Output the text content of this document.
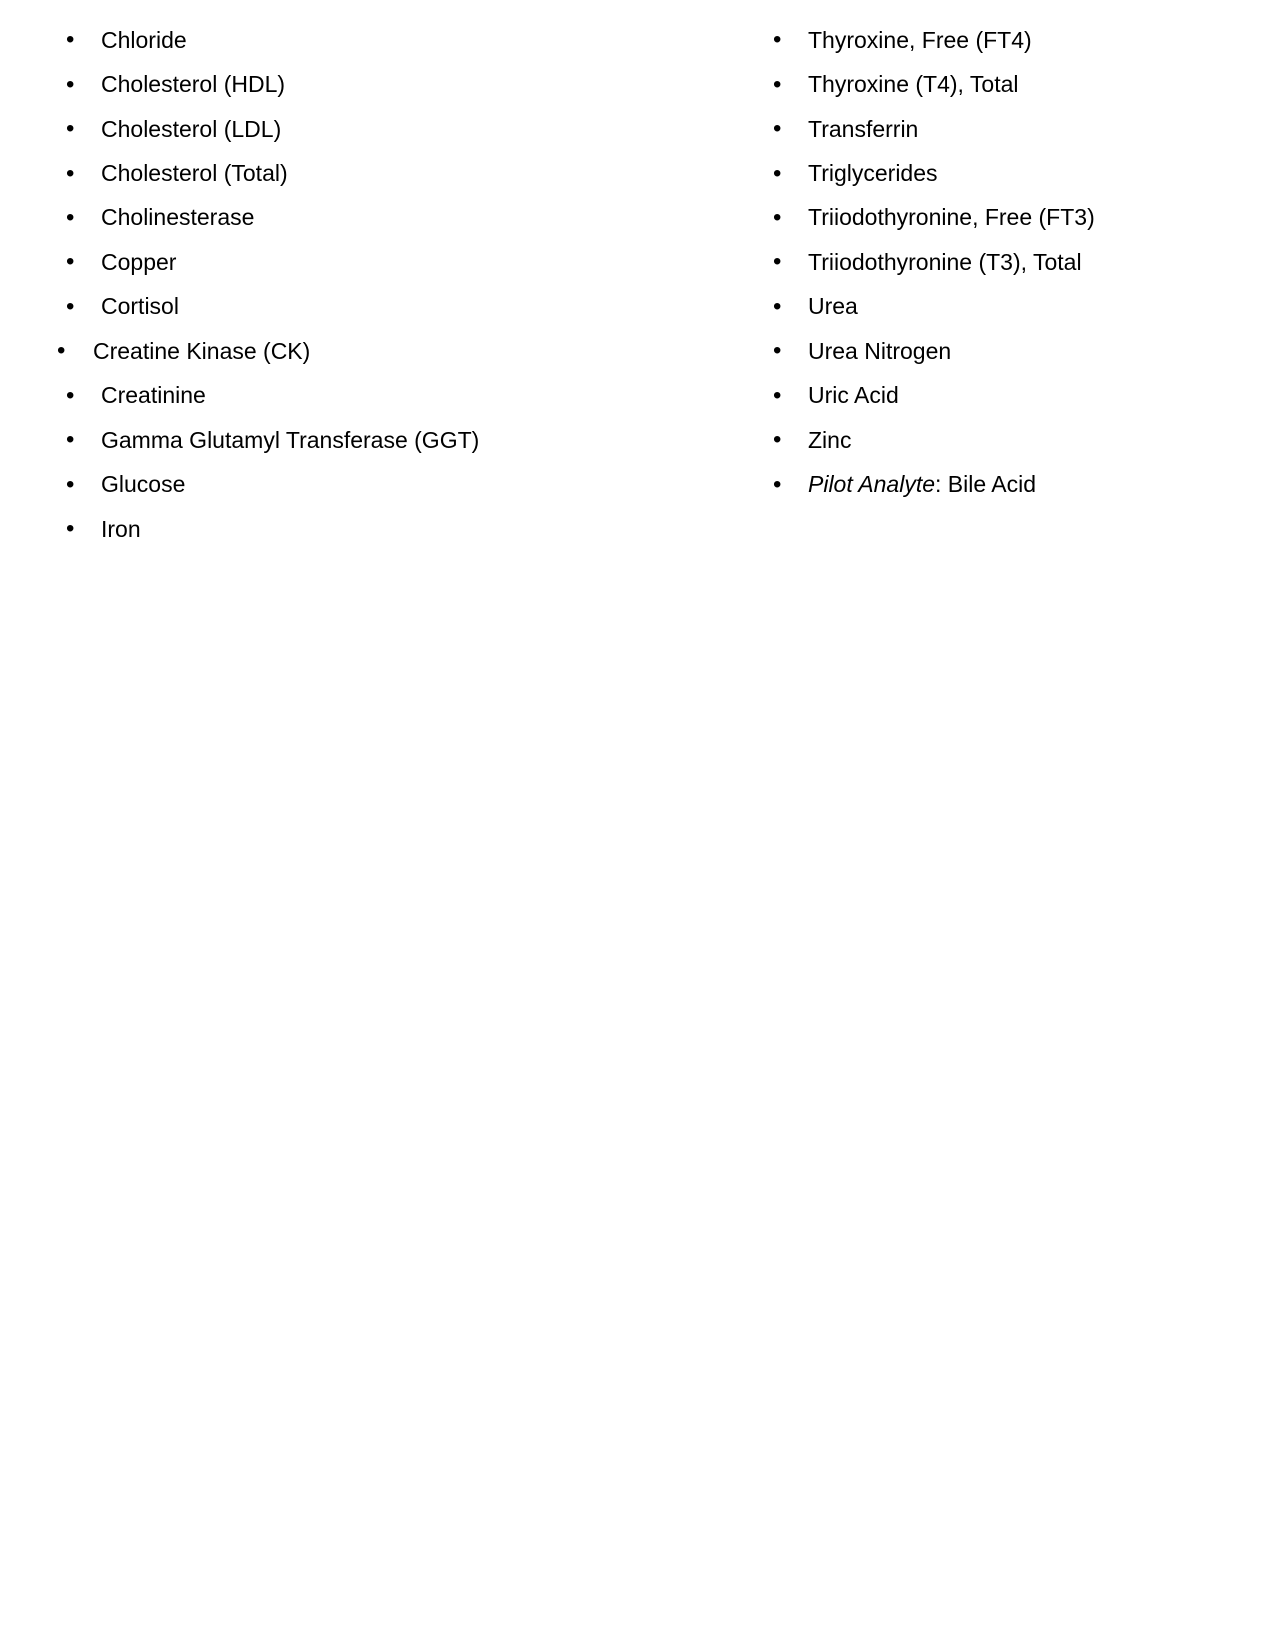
• Chloride
• Cholesterol (HDL)
• Cholesterol (LDL)
• Cholesterol (Total)
• Cholinesterase
• Copper
• Cortisol
• Creatine Kinase (CK)
• Creatinine
• Gamma Glutamyl Transferase (GGT)
• Glucose
• Iron
• Thyroxine, Free (FT4)
• Thyroxine (T4), Total
• Transferrin
• Triglycerides
• Triiodothyronine, Free (FT3)
• Triiodothyronine (T3), Total
• Urea
• Urea Nitrogen
• Uric Acid
• Zinc
• Pilot Analyte: Bile Acid
